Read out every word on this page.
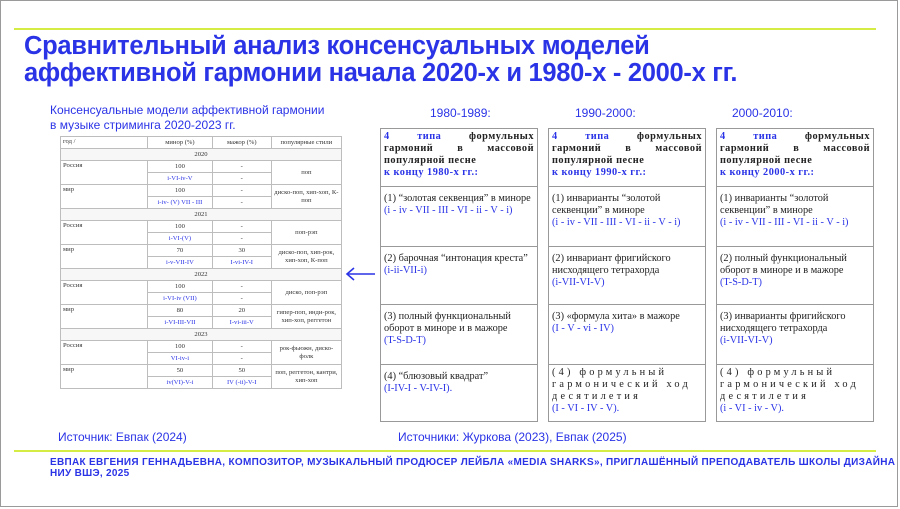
Сравнительный анализ консенсуальных моделей
аффективной гармонии начала 2020-х и 1980-х - 2000-х гг.
Консенсуальные модели аффективной гармонии
в музыке стриминга 2020-2023 гг.
год /	минор (%)	мажор (%)	популярные стили
2020			
Россия	100	-	поп
	i-VI-iv-V	-	
мир	100	-	диско-поп, хип-хоп, К-поп
	i-iv- (V) VII - III	-	
2021			
Россия	100	-	поп-рэп
	i-VI-(V)	-	
мир	70	30	диско-поп, хип-рок, хип-хоп, К-поп
	i-v-VII-IV	I-vi-IV-I	
2022			
Россия	100	-	диско, поп-рэп
	i-VI-iv (VII)	-	
мир	80	20	гипер-поп, инди-рок, хип-хоп, реггетон
	i-VI-III-VII	I-vi-iii-V	
2023			
Россия	100	-	рок-фьюжн, диско-фолк
	VI-iv-i	-	
мир	50	50	поп, реггетон, кантри, хип-хоп
	iv(VI)-V-i	IV (-ii)-V-I	
1980-1989:	1990-2000:	2000-2010:
4 типа формульных гармоний в массовой популярной песне
к концу 1980-х гг.:
(1) “золотая секвенция” в миноре
(i - iv - VII - III - VI - ii - V - i)
(2) барочная “интонация креста”
(i-ii-VII-i)
(3) полный функциональный оборот в миноре и в мажоре
(T-S-D-T)
(4) “блюзовый квадрат”
(I-IV-I - V-IV-I).
4 типа формульных гармоний в массовой популярной песне
к концу 1990-х гг.:
(1) инварианты “золотой секвенции” в миноре
(i - iv - VII - III - VI - ii - V - i)
(2) инвариант фригийского нисходящего тетрахорда
(i-VII-VI-V)
(3) «формула хита» в мажоре
(I - V - vi - IV)
(4) формульный гармонический ход десятилетия
(I - VI - IV - V).
4 типа формульных гармоний в массовой популярной песне
к концу 2000-х гг.:
(1) инварианты “золотой секвенции” в миноре
(i - iv - VII - III - VI - ii - V - i)
(2) полный функциональный оборот в миноре и в мажоре
(T-S-D-T)
(3) инварианты фригийского нисходящего тетрахорда
(i-VII-VI-V)
(4) формульный гармонический ход десятилетия
(i - VI - iv - V).
Источник: Евпак (2024)	Источники: Журкова (2023), Евпак (2025)
ЕВПАК ЕВГЕНИЯ ГЕННАДЬЕВНА, КОМПОЗИТОР, МУЗЫКАЛЬНЫЙ ПРОДЮСЕР ЛЕЙБЛА «MEDIA SHARKS», ПРИГЛАШЁННЫЙ ПРЕПОДАВАТЕЛЬ ШКОЛЫ ДИЗАЙНА НИУ ВШЭ, 2025
